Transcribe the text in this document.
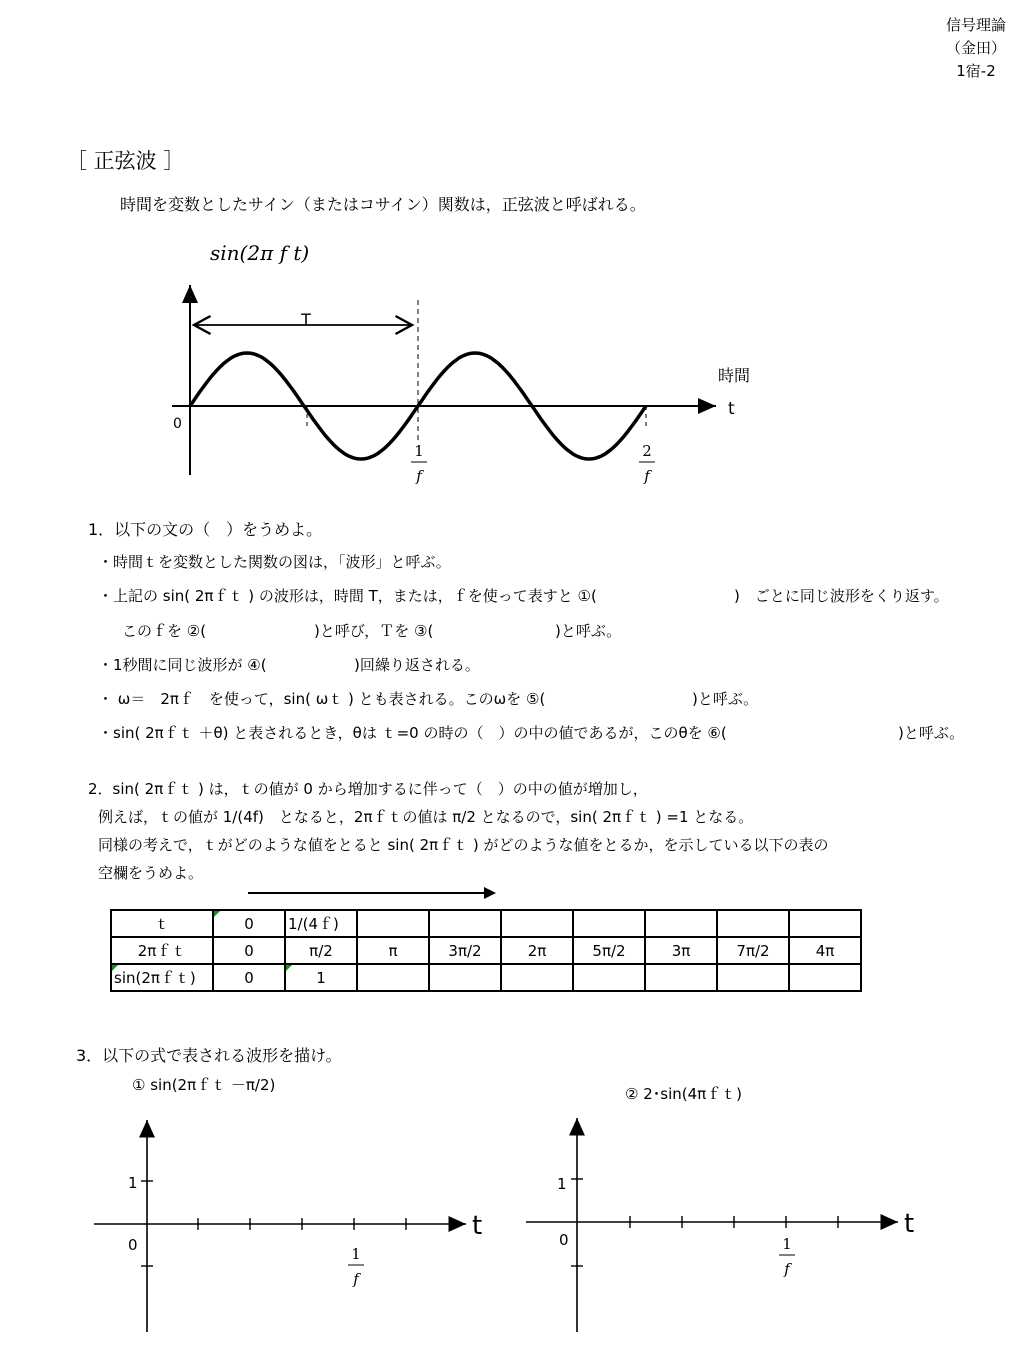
信号理論
（金田）
1宿-2
［ 正弦波 ］
時間を変数としたサイン（またはコサイン）関数は，正弦波と呼ばれる。
sin(2π f t)
T
0
時間
t
1
f
2
f
1．以下の文の（　）をうめよ。
・時間ｔを変数とした関数の図は，「波形」と呼ぶ。
・上記の sin( 2πｆｔ ) の波形は，時間 T，または，ｆを使って表すと ①(	)　ごとに同じ波形をくり返す。
このｆを ②(	)と呼び，Ｔを ③(	)と呼ぶ。
・1秒間に同じ波形が ④(	)回繰り返される。
・ ω＝　2πｆ　を使って，sin( ωｔ ) とも表される。このωを ⑤(	)と呼ぶ。
・sin( 2πｆｔ ＋θ) と表されるとき，θは ｔ=0 の時の（　）の中の値であるが，このθを ⑥(	)と呼ぶ。
2．sin( 2πｆｔ ) は，ｔの値が 0 から増加するに伴って（　）の中の値が増加し，
例えば，ｔの値が 1/(4f)　となると，2πｆｔの値は π/2 となるので，sin( 2πｆｔ ) =1 となる。
同様の考えで，ｔがどのような値をとると sin( 2πｆｔ ) がどのような値をとるか，を示している以下の表の
空欄をうめよ。
ｔ	0	1/(4ｆ)							
2πｆｔ	0	π/2	π	3π/2	2π	5π/2	3π	7π/2	4π
sin(2πｆｔ)	0	1							
3．以下の式で表される波形を描け。
① sin(2πｆｔ －π/2)	② 2･sin(4πｆｔ)
1
0
t
1
f
1
0
t
1
f
